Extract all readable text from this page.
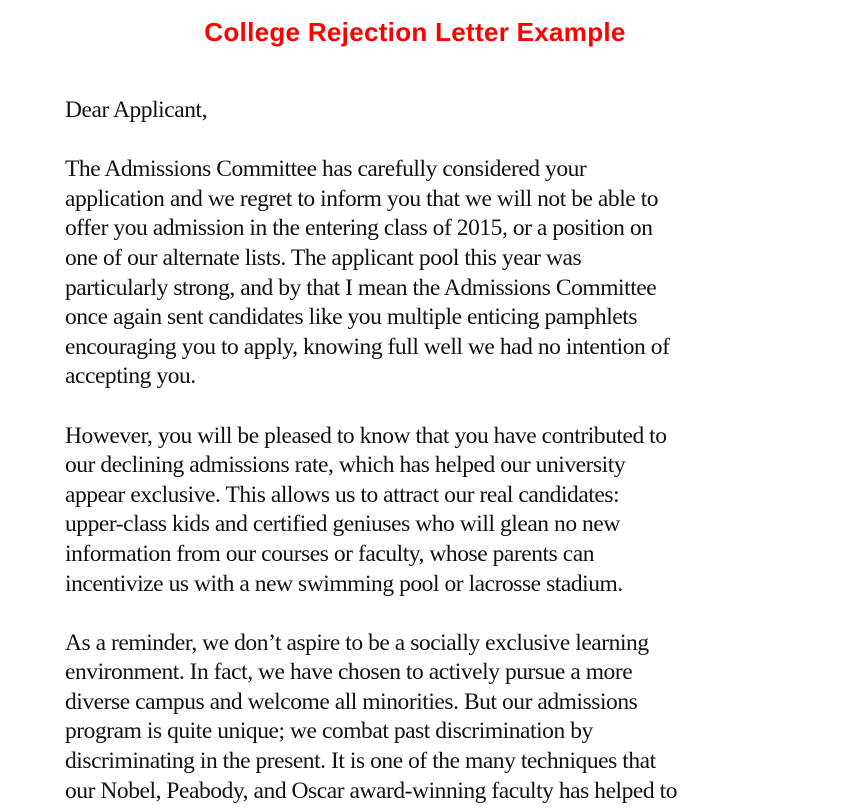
College Rejection Letter Example
Dear Applicant,
The Admissions Committee has carefully considered your
application and we regret to inform you that we will not be able to
offer you admission in the entering class of 2015, or a position on
one of our alternate lists. The applicant pool this year was
particularly strong, and by that I mean the Admissions Committee
once again sent candidates like you multiple enticing pamphlets
encouraging you to apply, knowing full well we had no intention of
accepting you.
However, you will be pleased to know that you have contributed to
our declining admissions rate, which has helped our university
appear exclusive. This allows us to attract our real candidates:
upper-class kids and certified geniuses who will glean no new
information from our courses or faculty, whose parents can
incentivize us with a new swimming pool or lacrosse stadium.
As a reminder, we don’t aspire to be a socially exclusive learning
environment. In fact, we have chosen to actively pursue a more
diverse campus and welcome all minorities. But our admissions
program is quite unique; we combat past discrimination by
discriminating in the present. It is one of the many techniques that
our Nobel, Peabody, and Oscar award-winning faculty has helped to
